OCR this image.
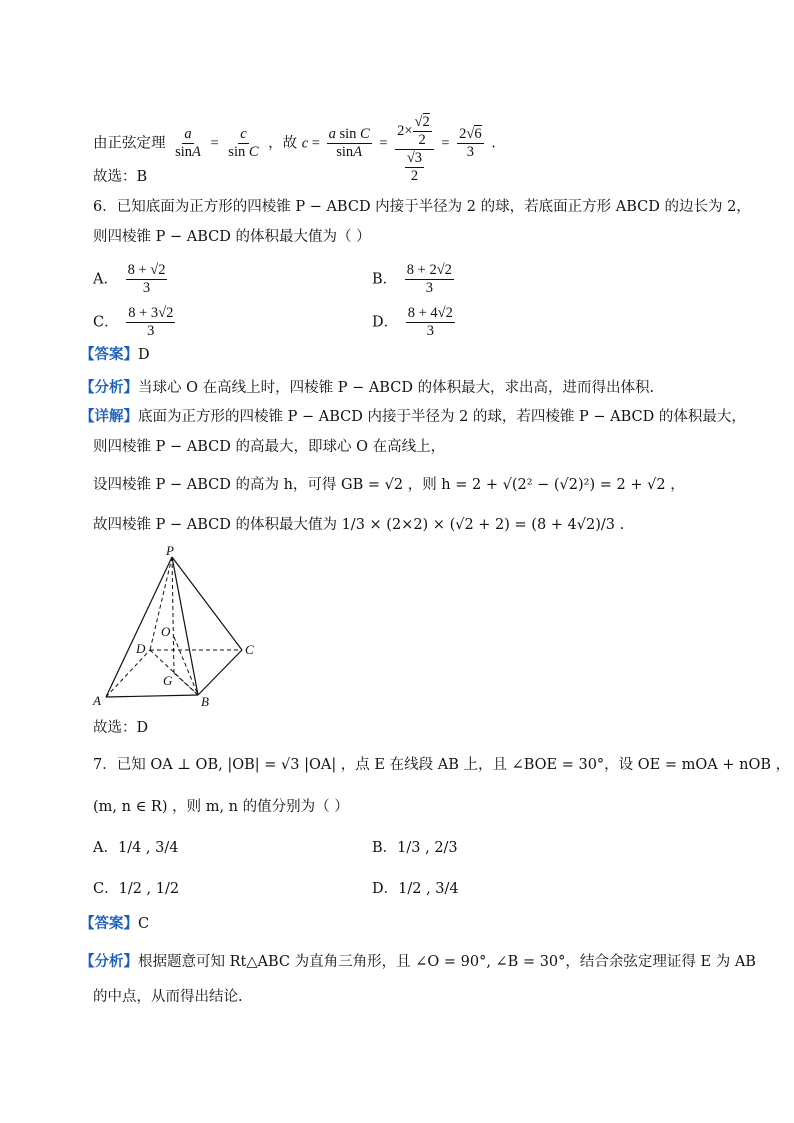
由正弦定理 $\frac{a}{\sin A} = \frac{c}{\text{sin C}}$ ，故 $c = \frac{\text{a sin C}}{\sin A} = \frac{2\times \frac{√2}{2}}{\frac{√3}{2}} = \frac{2√6}{3}$ .
故选：B
6．已知底面为正方形的四棱锥 P − ABCD 内接于半径为 2 的球，若底面正方形 ABCD 的边长为 2，
则四棱锥 P − ABCD 的体积最大值为（ ）
A． $\frac{8 + √2}{3}$	B． $\frac{8 + 2√2}{3}$
C． $\frac{8 + 3√2}{3}$	D． $\frac{8 + 4√2}{3}$
【答案】D
【分析】当球心 O 在高线上时，四棱锥 P − ABCD 的体积最大，求出高，进而得出体积.
【详解】底面为正方形的四棱锥 P − ABCD 内接于半径为 2 的球，若四棱锥 P − ABCD 的体积最大，
则四棱锥 P − ABCD 的高最大，即球心 O 在高线上，
设四棱锥 P − ABCD 的高为 h，可得 GB = √2 ，则 h = 2 + √(2² − (√2)²) = 2 + √2 ，
故四棱锥 P − ABCD 的体积最大值为 1/3 × (2×2) × (√2 + 2) = (8 + 4√2)/3 .
P
O
D	C
G
A	B
故选：D
7．已知 OA ⊥ OB, |OB| = √3 |OA| ，点 E 在线段 AB 上，且 ∠BOE = 30°，设 OE = mOA + nOB ，
(m, n ∈ R) ，则 m, n 的值分别为（ ）
A．1/4 , 3/4	B．1/3 , 2/3
C．1/2 , 1/2	D．1/2 , 3/4
【答案】C
【分析】根据题意可知 Rt△ABC 为直角三角形，且 ∠O = 90°, ∠B = 30°，结合余弦定理证得 E 为 AB
的中点，从而得出结论.
